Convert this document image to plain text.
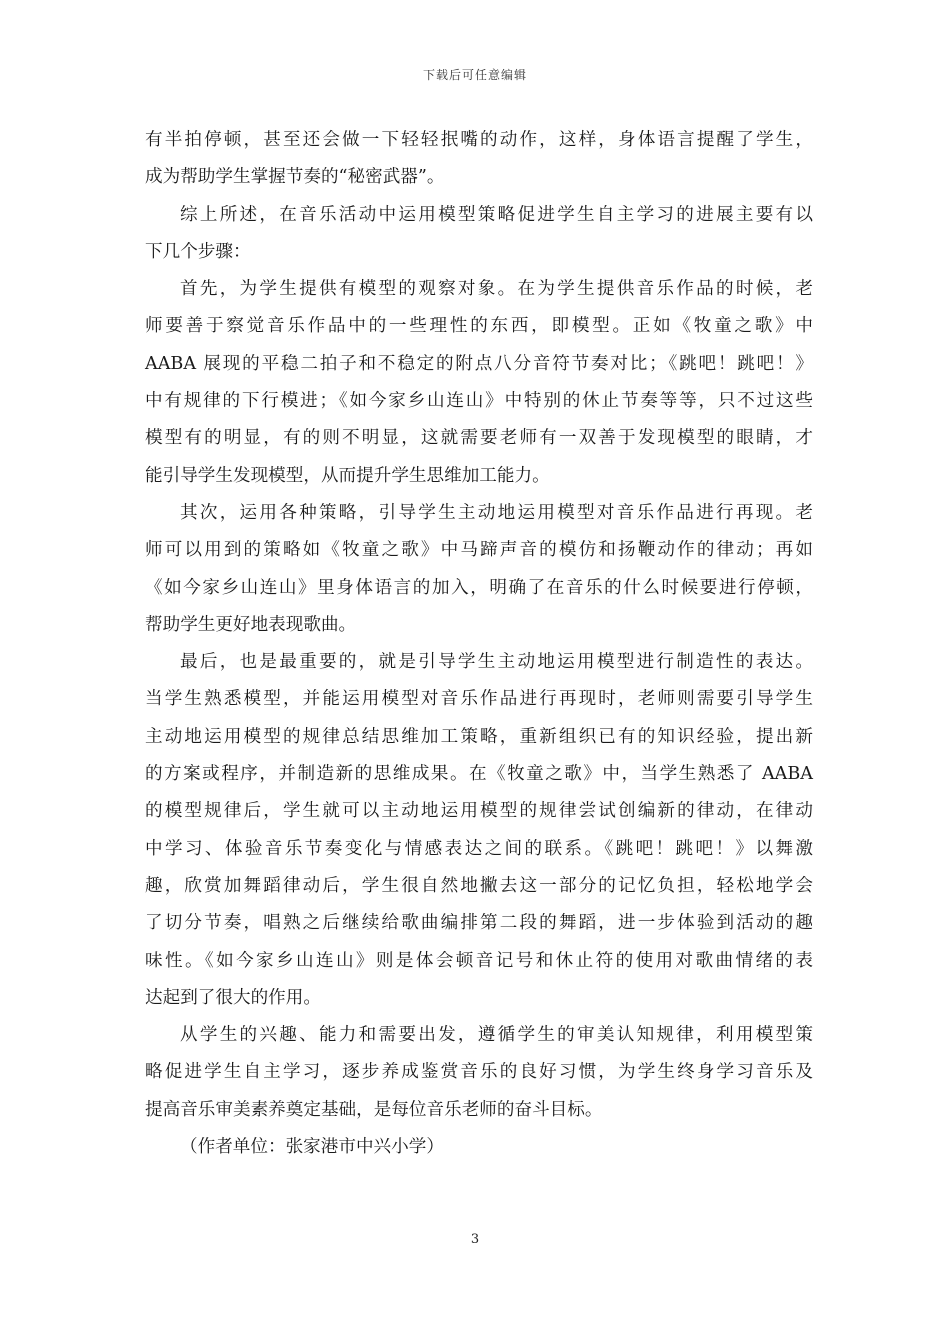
下载后可任意编辑
有半拍停顿，甚至还会做一下轻轻抿嘴的动作，这样，身体语言提醒了学生，
成为帮助学生掌握节奏的“秘密武器”。
综上所述，在音乐活动中运用模型策略促进学生自主学习的进展主要有以
下几个步骤：
首先，为学生提供有模型的观察对象。在为学生提供音乐作品的时候，老
师要善于察觉音乐作品中的一些理性的东西，即模型。正如《牧童之歌》中
AABA 展现的平稳二拍子和不稳定的附点八分音符节奏对比；《跳吧！跳吧！》
中有规律的下行模进；《如今家乡山连山》中特别的休止节奏等等，只不过这些
模型有的明显，有的则不明显，这就需要老师有一双善于发现模型的眼睛，才
能引导学生发现模型，从而提升学生思维加工能力。
其次，运用各种策略，引导学生主动地运用模型对音乐作品进行再现。老
师可以用到的策略如《牧童之歌》中马蹄声音的模仿和扬鞭动作的律动；再如
《如今家乡山连山》里身体语言的加入，明确了在音乐的什么时候要进行停顿，
帮助学生更好地表现歌曲。
最后，也是最重要的，就是引导学生主动地运用模型进行制造性的表达。
当学生熟悉模型，并能运用模型对音乐作品进行再现时，老师则需要引导学生
主动地运用模型的规律总结思维加工策略，重新组织已有的知识经验，提出新
的方案或程序，并制造新的思维成果。在《牧童之歌》中，当学生熟悉了 AABA
的模型规律后，学生就可以主动地运用模型的规律尝试创编新的律动，在律动
中学习、体验音乐节奏变化与情感表达之间的联系。《跳吧！跳吧！》以舞激
趣，欣赏加舞蹈律动后，学生很自然地撇去这一部分的记忆负担，轻松地学会
了切分节奏，唱熟之后继续给歌曲编排第二段的舞蹈，进一步体验到活动的趣
味性。《如今家乡山连山》则是体会顿音记号和休止符的使用对歌曲情绪的表
达起到了很大的作用。
从学生的兴趣、能力和需要出发，遵循学生的审美认知规律，利用模型策
略促进学生自主学习，逐步养成鉴赏音乐的良好习惯，为学生终身学习音乐及
提高音乐审美素养奠定基础，是每位音乐老师的奋斗目标。
（作者单位：张家港市中兴小学）
3
